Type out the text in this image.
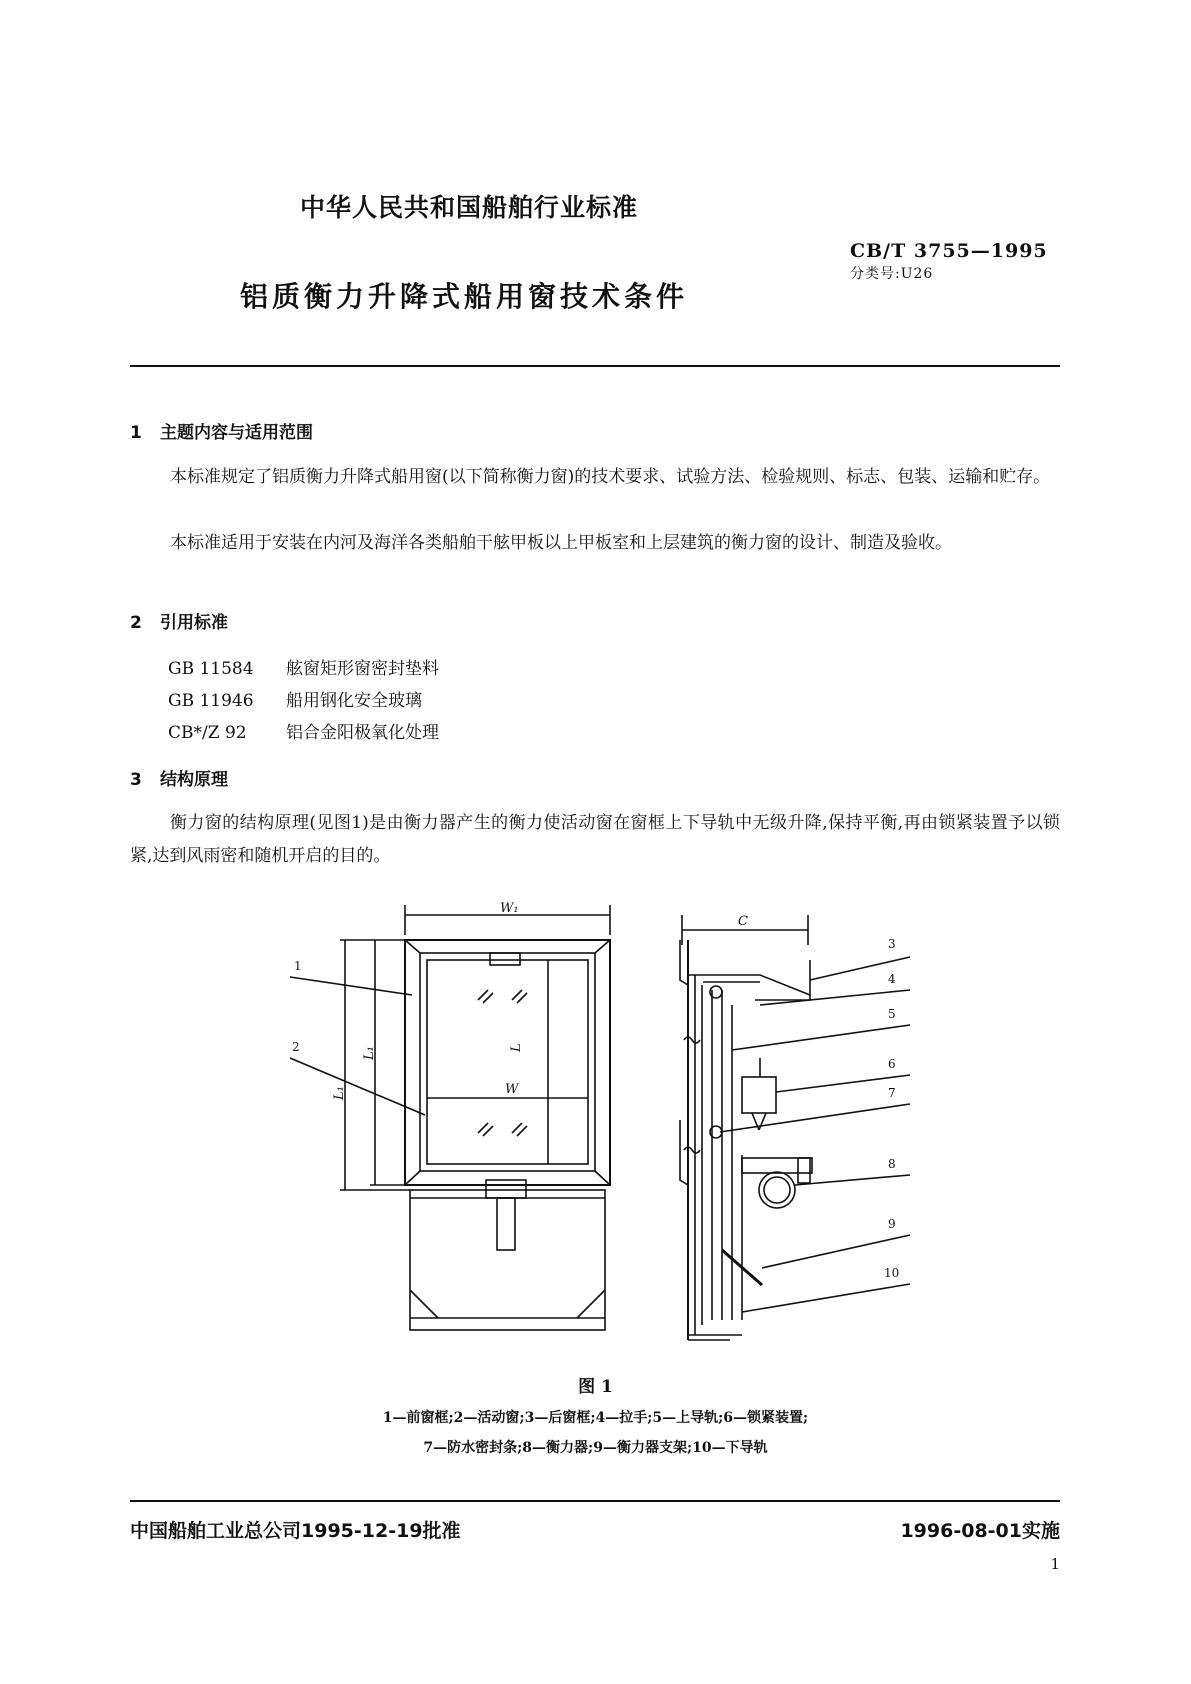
中华人民共和国船舶行业标准
CB/T 3755—1995
分类号:U26
铝质衡力升降式船用窗技术条件
1 主题内容与适用范围
本标准规定了铝质衡力升降式船用窗(以下简称衡力窗)的技术要求、试验方法、检验规则、标志、包装、运输和贮存。
本标准适用于安装在内河及海洋各类船舶干舷甲板以上甲板室和上层建筑的衡力窗的设计、制造及验收。
2 引用标准
GB 11584 舷窗矩形窗密封垫料
GB 11946 船用钢化安全玻璃
CB*/Z 92 铝合金阳极氧化处理
3 结构原理
衡力窗的结构原理(见图1)是由衡力器产生的衡力使活动窗在窗框上下导轨中无级升降,保持平衡,再由锁紧装置予以锁紧,达到风雨密和随机开启的目的。
W₁
C
L₁
L₁	L
W
1
2
3
4
5
6
7
8
9
10
图 1
1—前窗框;2—活动窗;3—后窗框;4—拉手;5—上导轨;6—锁紧装置;
7—防水密封条;8—衡力器;9—衡力器支架;10—下导轨
中国船舶工业总公司1995-12-19批准	1996-08-01实施
1
